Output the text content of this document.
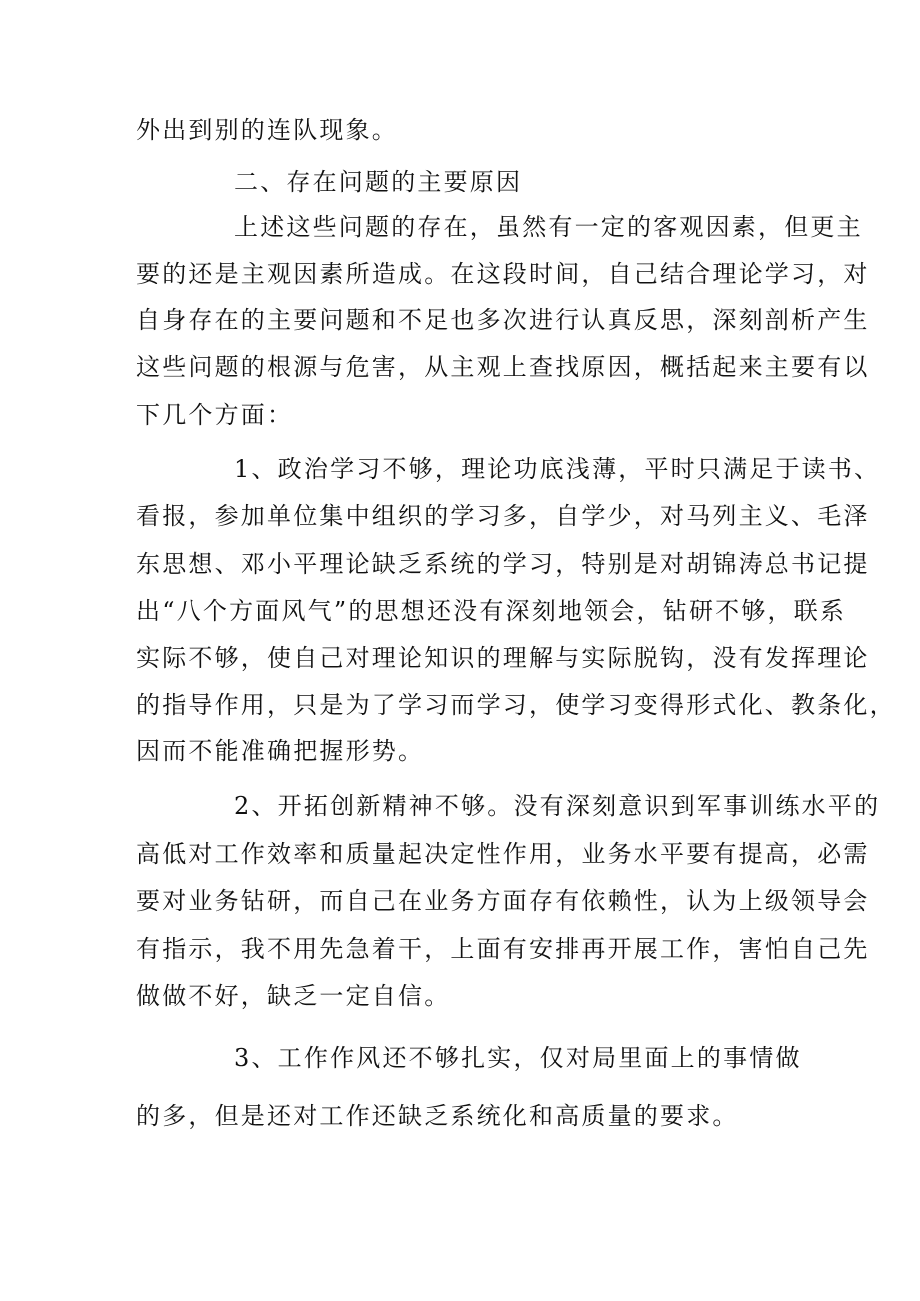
外出到别的连队现象。
二、存在问题的主要原因
上述这些问题的存在，虽然有一定的客观因素，但更主
要的还是主观因素所造成。在这段时间，自己结合理论学习，对
自身存在的主要问题和不足也多次进行认真反思，深刻剖析产生
这些问题的根源与危害，从主观上查找原因，概括起来主要有以
下几个方面：
1、政治学习不够，理论功底浅薄，平时只满足于读书、
看报，参加单位集中组织的学习多，自学少，对马列主义、毛泽
东思想、邓小平理论缺乏系统的学习，特别是对胡锦涛总书记提
出“八个方面风气”的思想还没有深刻地领会，钻研不够，联系
实际不够，使自己对理论知识的理解与实际脱钩，没有发挥理论
的指导作用，只是为了学习而学习，使学习变得形式化、教条化，
因而不能准确把握形势。
2、开拓创新精神不够。没有深刻意识到军事训练水平的
高低对工作效率和质量起决定性作用，业务水平要有提高，必需
要对业务钻研，而自己在业务方面存有依赖性，认为上级领导会
有指示，我不用先急着干，上面有安排再开展工作，害怕自己先
做做不好，缺乏一定自信。
3、工作作风还不够扎实，仅对局里面上的事情做
的多，但是还对工作还缺乏系统化和高质量的要求。
